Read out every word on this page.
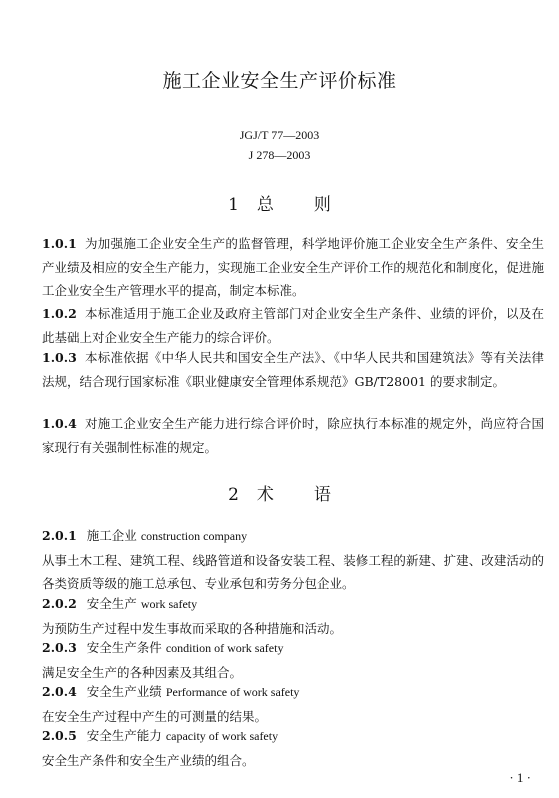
施工企业安全生产评价标准
JGJ/T 77—2003
J 278—2003
1 总 则
1.0.1 为加强施工企业安全生产的监督管理，科学地评价施工企业安全生产条件、安全生产业绩及相应的安全生产能力，实现施工企业安全生产评价工作的规范化和制度化，促进施工企业安全生产管理水平的提高，制定本标准。
1.0.2 本标准适用于施工企业及政府主管部门对企业安全生产条件、业绩的评价，以及在此基础上对企业安全生产能力的综合评价。
1.0.3 本标准依据《中华人民共和国安全生产法》、《中华人民共和国建筑法》等有关法律法规，结合现行国家标准《职业健康安全管理体系规范》GB/T28001 的要求制定。
1.0.4 对施工企业安全生产能力进行综合评价时，除应执行本标准的规定外，尚应符合国家现行有关强制性标准的规定。
2 术 语
2.0.1 施工企业 construction company
从事土木工程、建筑工程、线路管道和设备安装工程、装修工程的新建、扩建、改建活动的各类资质等级的施工总承包、专业承包和劳务分包企业。
2.0.2 安全生产 work safety
为预防生产过程中发生事故而采取的各种措施和活动。
2.0.3 安全生产条件 condition of work safety
满足安全生产的各种因素及其组合。
2.0.4 安全生产业绩 Performance of work safety
在安全生产过程中产生的可测量的结果。
2.0.5 安全生产能力 capacity of work safety
安全生产条件和安全生产业绩的组合。
· 1 ·
